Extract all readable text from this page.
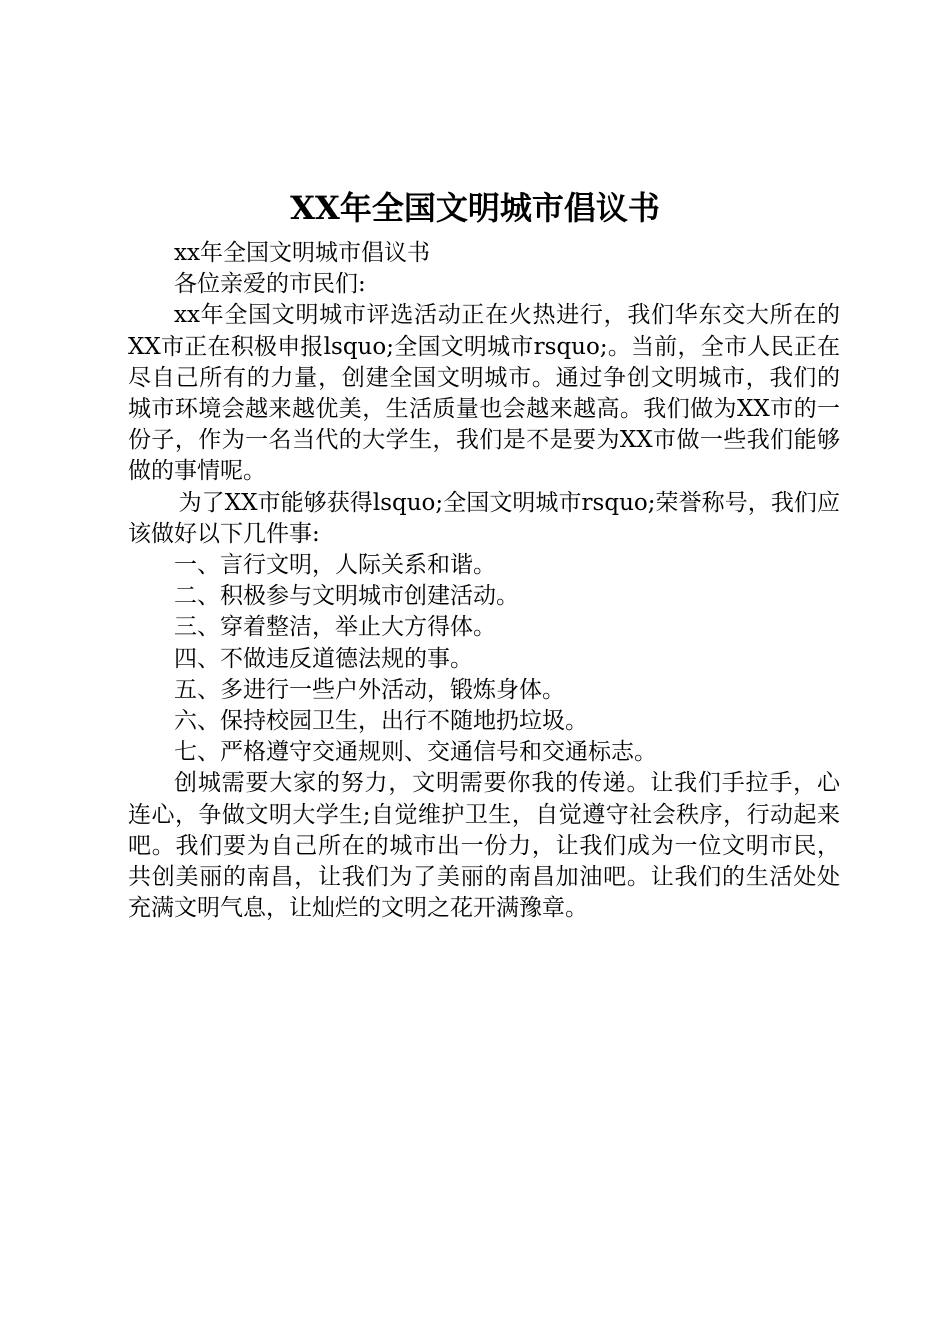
XX年全国文明城市倡议书

xx年全国文明城市倡议书

各位亲爱的市民们:

xx年全国文明城市评选活动正在火热进行，我们华东交大所在的XX市正在积极申报lsquo;全国文明城市rsquo;。当前，全市人民正在尽自己所有的力量，创建全国文明城市。通过争创文明城市，我们的城市环境会越来越优美，生活质量也会越来越高。我们做为XX市的一份子，作为一名当代的大学生，我们是不是要为XX市做一些我们能够做的事情呢。

为了XX市能够获得lsquo;全国文明城市rsquo;荣誉称号，我们应该做好以下几件事:

一、言行文明，人际关系和谐。

二、积极参与文明城市创建活动。

三、穿着整洁，举止大方得体。

四、不做违反道德法规的事。

五、多进行一些户外活动，锻炼身体。

六、保持校园卫生，出行不随地扔垃圾。

七、严格遵守交通规则、交通信号和交通标志。

创城需要大家的努力，文明需要你我的传递。让我们手拉手，心连心，争做文明大学生;自觉维护卫生，自觉遵守社会秩序，行动起来吧。我们要为自己所在的城市出一份力，让我们成为一位文明市民，共创美丽的南昌，让我们为了美丽的南昌加油吧。让我们的生活处处充满文明气息，让灿烂的文明之花开满豫章。
